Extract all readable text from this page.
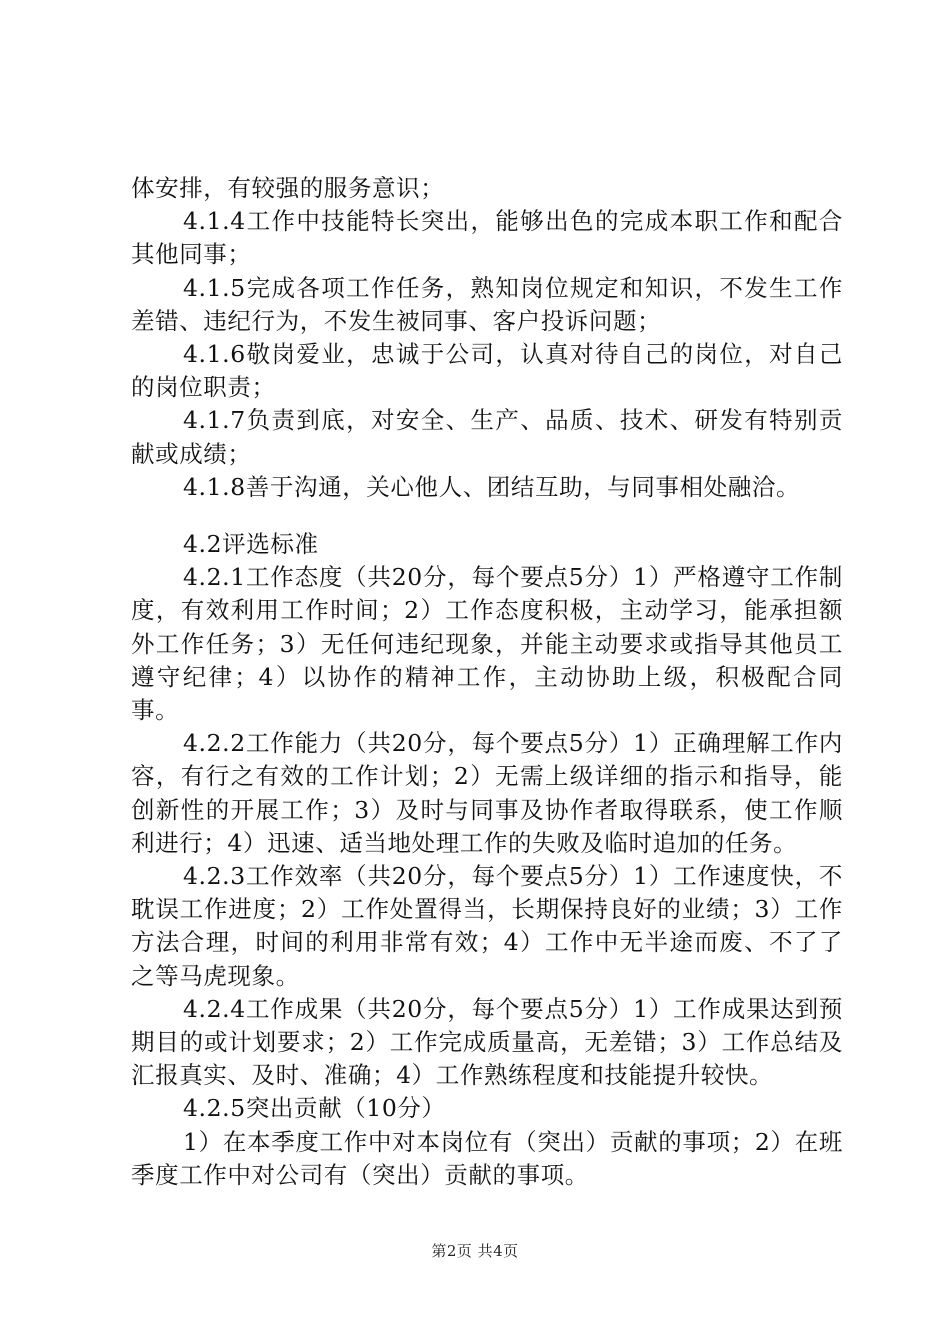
体安排，有较强的服务意识；

4.1.4工作中技能特长突出，能够出色的完成本职工作和配合其他同事；

4.1.5完成各项工作任务，熟知岗位规定和知识，不发生工作差错、违纪行为，不发生被同事、客户投诉问题；

4.1.6敬岗爱业，忠诚于公司，认真对待自己的岗位，对自己的岗位职责；

4.1.7负责到底，对安全、生产、品质、技术、研发有特别贡献或成绩；

4.1.8善于沟通，关心他人、团结互助，与同事相处融洽。

4.2评选标准

4.2.1工作态度（共20分，每个要点5分）1）严格遵守工作制度，有效利用工作时间；2）工作态度积极，主动学习，能承担额外工作任务；3）无任何违纪现象，并能主动要求或指导其他员工遵守纪律；4）以协作的精神工作，主动协助上级，积极配合同事。

4.2.2工作能力（共20分，每个要点5分）1）正确理解工作内容，有行之有效的工作计划；2）无需上级详细的指示和指导，能创新性的开展工作；3）及时与同事及协作者取得联系，使工作顺利进行；4）迅速、适当地处理工作的失败及临时追加的任务。

4.2.3工作效率（共20分，每个要点5分）1）工作速度快，不耽误工作进度；2）工作处置得当，长期保持良好的业绩；3）工作方法合理，时间的利用非常有效；4）工作中无半途而废、不了了之等马虎现象。

4.2.4工作成果（共20分，每个要点5分）1）工作成果达到预期目的或计划要求；2）工作完成质量高，无差错；3）工作总结及汇报真实、及时、准确；4）工作熟练程度和技能提升较快。

4.2.5突出贡献（10分）

1）在本季度工作中对本岗位有（突出）贡献的事项；2）在班季度工作中对公司有（突出）贡献的事项。

第2页 共4页
